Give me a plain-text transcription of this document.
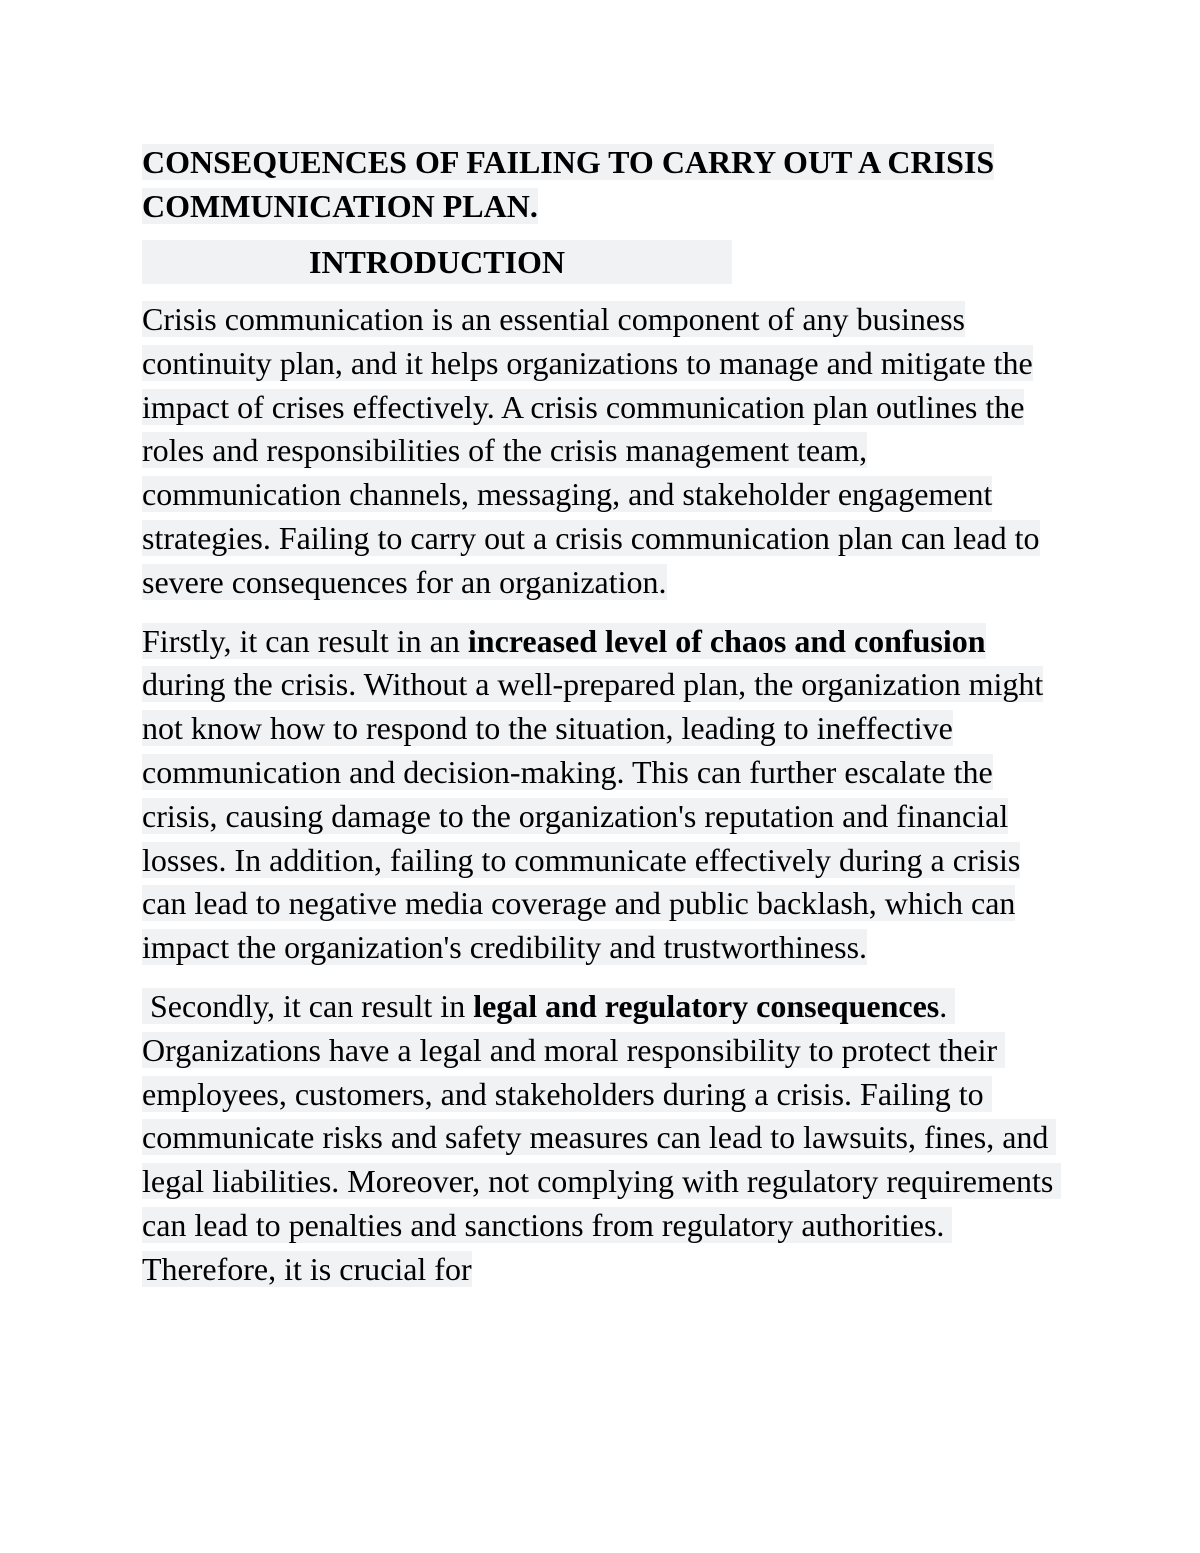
CONSEQUENCES OF FAILING TO CARRY OUT A CRISIS COMMUNICATION PLAN.
INTRODUCTION
Crisis communication is an essential component of any business continuity plan, and it helps organizations to manage and mitigate the impact of crises effectively. A crisis communication plan outlines the roles and responsibilities of the crisis management team, communication channels, messaging, and stakeholder engagement strategies. Failing to carry out a crisis communication plan can lead to severe consequences for an organization.
Firstly, it can result in an increased level of chaos and confusion during the crisis. Without a well-prepared plan, the organization might not know how to respond to the situation, leading to ineffective communication and decision-making. This can further escalate the crisis, causing damage to the organization's reputation and financial losses. In addition, failing to communicate effectively during a crisis can lead to negative media coverage and public backlash, which can impact the organization's credibility and trustworthiness.
Secondly, it can result in legal and regulatory consequences. Organizations have a legal and moral responsibility to protect their employees, customers, and stakeholders during a crisis. Failing to communicate risks and safety measures can lead to lawsuits, fines, and legal liabilities. Moreover, not complying with regulatory requirements can lead to penalties and sanctions from regulatory authorities. Therefore, it is crucial for
